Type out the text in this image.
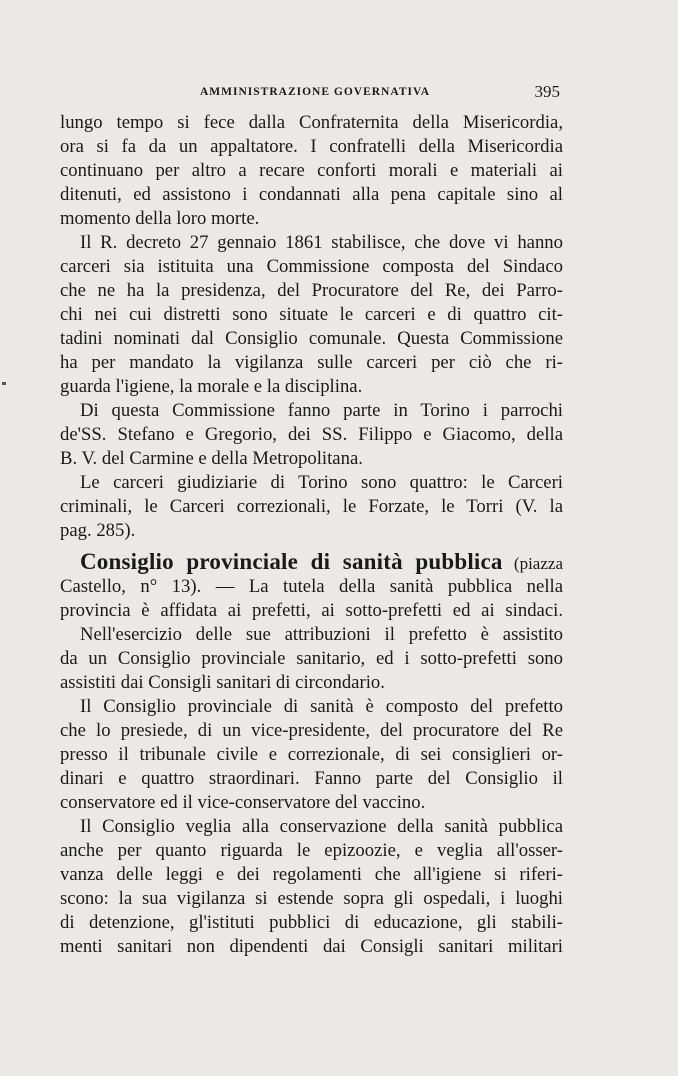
AMMINISTRAZIONE GOVERNATIVA	395
lungo tempo si fece dalla Confraternita della Misericordia,
ora si fa da un appaltatore. I confratelli della Misericordia
continuano per altro a recare conforti morali e materiali ai
ditenuti, ed assistono i condannati alla pena capitale sino al
momento della loro morte.
Il R. decreto 27 gennaio 1861 stabilisce, che dove vi hanno
carceri sia istituita una Commissione composta del Sindaco
che ne ha la presidenza, del Procuratore del Re, dei Parro-
chi nei cui distretti sono situate le carceri e di quattro cit-
tadini nominati dal Consiglio comunale. Questa Commissione
ha per mandato la vigilanza sulle carceri per ciò che ri-
guarda l'igiene, la morale e la disciplina.
Di questa Commissione fanno parte in Torino i parrochi
de'SS. Stefano e Gregorio, dei SS. Filippo e Giacomo, della
B. V. del Carmine e della Metropolitana.
Le carceri giudiziarie di Torino sono quattro: le Carceri
criminali, le Carceri correzionali, le Forzate, le Torri (V. la
pag. 285).
Consiglio provinciale di sanità pubblica (piazza
Castello, n° 13). — La tutela della sanità pubblica nella
provincia è affidata ai prefetti, ai sotto-prefetti ed ai sindaci.
Nell'esercizio delle sue attribuzioni il prefetto è assistito
da un Consiglio provinciale sanitario, ed i sotto-prefetti sono
assistiti dai Consigli sanitari di circondario.
Il Consiglio provinciale di sanità è composto del prefetto
che lo presiede, di un vice-presidente, del procuratore del Re
presso il tribunale civile e correzionale, di sei consiglieri or-
dinari e quattro straordinari. Fanno parte del Consiglio il
conservatore ed il vice-conservatore del vaccino.
Il Consiglio veglia alla conservazione della sanità pubblica
anche per quanto riguarda le epizoozie, e veglia all'osser-
vanza delle leggi e dei regolamenti che all'igiene si riferi-
scono: la sua vigilanza si estende sopra gli ospedali, i luoghi
di detenzione, gl'istituti pubblici di educazione, gli stabili-
menti sanitari non dipendenti dai Consigli sanitari militari
